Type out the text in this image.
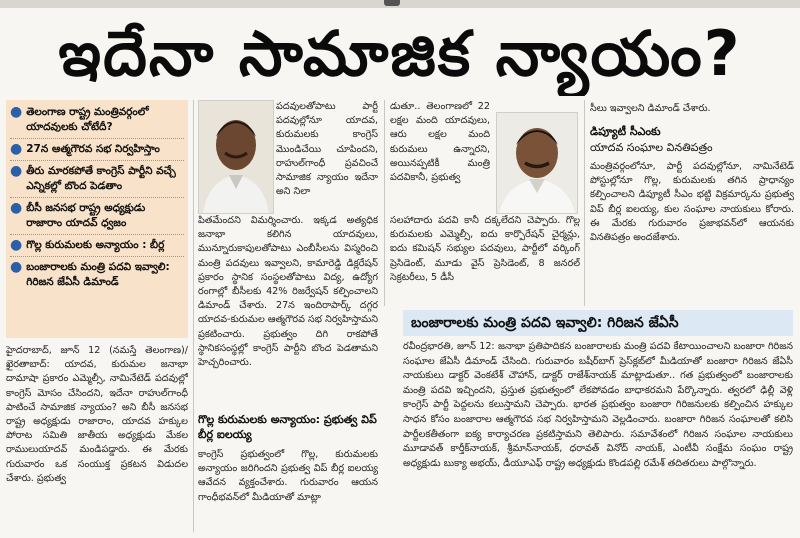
ఇదేనా సామాజిక న్యాయం?
● తెలంగాణ రాష్ట్ర మంత్రివర్గంలో యాదవులకు చోటేదీ?
● 27న ఆత్మగౌరవ సభ నిర్వహిస్తాం
● తీరు మారకపోతే కాంగ్రెస్ పార్టీని వచ్చే ఎన్నికల్లో బొంద పెడతాం
● బీసీ జనసభ రాష్ట్ర అధ్యక్షుడు రాజారాం యాదవ్ ధ్వజం
● గొల్ల కురుమలకు అన్యాయం : బీర్ల
● బంజారాలకు మంత్రి పదవి ఇవ్వాలి: గిరిజన జేఏసీ డిమాండ్

హైదరాబాద్, జూన్ 12 (నమస్తే తెలంగాణ)/ఖైరతాబాద్: యాదవ, కురుమల జనాభా దామాషా ప్రకారం ఎమ్మెల్సీ, నామినేటెడ్ పదవుల్లో కాంగ్రెస్ మోసం చేసిందని, ఇదేనా రాహుల్‌గాంధీ పాటించే సామాజిక న్యాయం? అని బీసీ జనసభ రాష్ట్ర అధ్యక్షుడు రాజారాం, యాదవ హక్కుల పోరాట సమితి జాతీయ అధ్యక్షుడు మేకల రాములుయాదవ్ మండిపడ్డారు. ఈ మేరకు గురువారం ఒక సంయుక్త ప్రకటన విడుదల చేశారు. ప్రభుత్వ

పదవులతోపాటు పార్టీ పదవుల్లోనూ యాదవ, కురుమలకు కాంగ్రెస్ మొండిచేయి చూపిందని, రాహుల్‌గాంధీ ప్రవచించే సామాజిక న్యాయం ఇదేనా అని నిలా

పితమేందని విమర్శించారు. ఇక్కడ అత్యధిక జనాభా కలిగిన యాదవులు, మున్నూరుకాపులతోపాటు ఎంబీసీలను విస్మరించి మంత్రి పదవులు ఇవ్వాలని, కామారెడ్డి డిక్లరేషన్ ప్రకారం స్థానిక సంస్థలతోపాటు విద్య, ఉద్యోగ రంగాల్లో బీసీలకు 42% రిజర్వేషన్ కల్పించాలని డిమాండ్ చేశారు. 27న ఇందిరాపార్క్ దగ్గర యాదవ-కురుమల ఆత్మగౌరవ సభ నిర్వహిస్తామని ప్రకటించారు. ప్రభుత్వం దిగి రాకపోతే స్థానికసంస్థల్లో కాంగ్రెస్ పార్టీని బొంద పెడతామని హెచ్చరించారు.

గొల్ల కురుమలకు అన్యాయం: ప్రభుత్వ విప్ బీర్ల ఐలయ్య

కాంగ్రెస్ ప్రభుత్వంలో గొల్ల, కురుమలకు అన్యాయం జరిగిందని ప్రభుత్వ విప్ బీర్ల ఐలయ్య ఆవేదన వ్యక్తంచేశారు. గురువారం ఆయన గాంధీభవన్‌లో మీడియాతో మాట్లా

డుతూ.. తెలంగాణలో 22 లక్షల మంది యాదవులు, ఆరు లక్షల మంది కురుమలు ఉన్నారని, అయినప్పటికీ మంత్రి పదవికానీ, ప్రభుత్వ

సలహాదారు పదవి కానీ దక్కలేదని చెప్పారు. గొల్ల కురుమలకు ఎమ్మెల్సీ, ఐదు కార్పొరేషన్ చైర్మన్లు, ఐదు కమిషన్ సభ్యుల పదవులు, పార్టీలో వర్కింగ్ ప్రెసిడెంట్, మూడు వైస్ ప్రెసిడెంట్, 8 జనరల్ సెక్రటరీలు, 5 డీసీ

సీలు ఇవ్వాలని డిమాండ్ చేశారు.

డిప్యూటీ సీఎంకు
యాదవ సంఘాల వినతిపత్రం

మంత్రివర్గంలోనూ, పార్టీ పదవుల్లోనూ, నామినేటెడ్ పోస్టుల్లోనూ గొల్ల, కురుమలకు తగిన ప్రాధాన్యం కల్పించాలని డిప్యూటీ సీఎం భట్టి విక్రమార్కను ప్రభుత్వ విప్ బీర్ల ఐలయ్య, కుల సంఘాల నాయకులు కోరారు. ఈ మేరకు గురువారం ప్రజాభవన్‌లో ఆయనకు వినతిపత్రం అందజేశారు.

బంజారాలకు మంత్రి పదవి ఇవ్వాలి: గిరిజన జేఏసీ

రవీంద్రభారతి, జూన్ 12: జనాభా ప్రతిపాదికన బంజారాలకు మంత్రి పదవి కేటాయించాలని బంజారా గిరిజన సంఘాల జేఏసీ డిమాండ్ చేసింది. గురువారం బషీర్‌బాగ్ ప్రెస్‌క్లబ్‌లో మీడియాతో బంజారా గిరిజన జేఏసీ నాయకులు డాక్టర్ వెంకటేశ్ చౌహాన్, డాక్టర్ రాజేశ్‌నాయక్ మాట్లాడుతూ.. గత ప్రభుత్వంలో బంజారాలకు మంత్రి పదవి ఇచ్చిందని, ప్రస్తుత ప్రభుత్వంలో లేకపోవడం బాధాకరమని పేర్కొన్నారు. త్వరలో ఢిల్లీ వెళ్లి కాంగ్రెస్ పార్టీ పెద్దలను కలుస్తామని చెప్పారు. భారత ప్రభుత్వం బంజారా గిరిజనులకు కల్పించిన హక్కుల సాధన కోసం బంజారాల ఆత్మగౌరవ సభ నిర్వహిస్తామని వెల్లడించారు. బంజారా గిరిజన సంఘాలతో కలిసి పార్టీలకతీతంగా ఐక్య కార్యాచరణ ప్రకటిస్తామని తెలిపారు. సమావేశంలో గిరిజన సంఘాల నాయకులు మూడావత్ కార్తీక్‌నాయక్, శ్రీమాన్‌నాయక్, ధరావత్ వినోద్ నాయక్, ఎంటీవీ సంక్షేమ సంఘం రాష్ట్ర అధ్యక్షుడు బుక్యా అభయ్, డీయూఎఫ్ రాష్ట్ర అధ్యక్షుడు కొండపల్లి రమేశ్ తదితరులు పాల్గొన్నారు.
